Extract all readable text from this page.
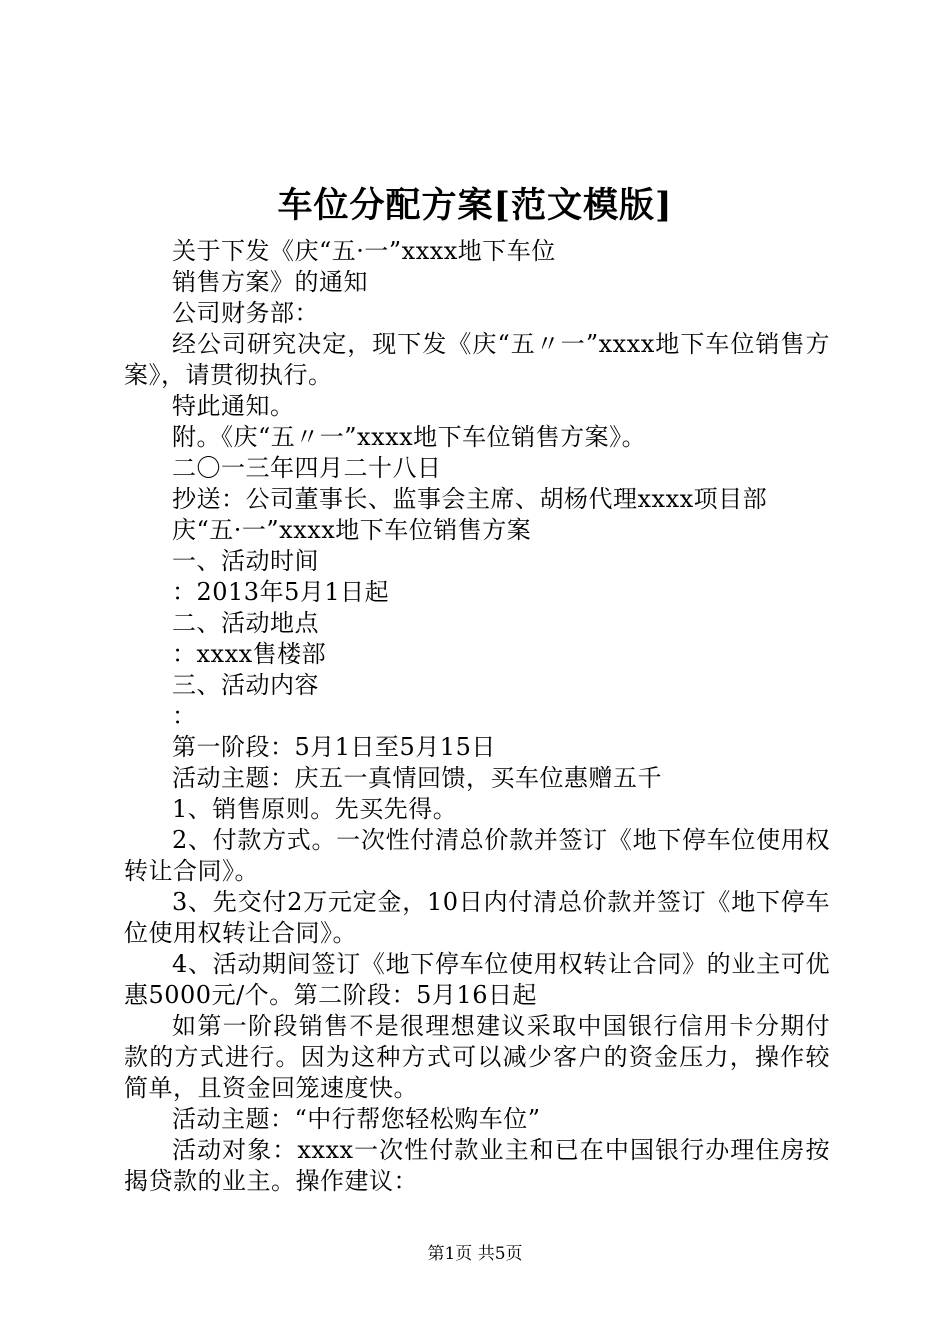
车位分配方案[范文模版]

关于下发《庆“五·一”xxxx地下车位

销售方案》的通知

公司财务部：

经公司研究决定，现下发《庆“五〃一”xxxx地下车位销售方案》，请贯彻执行。

特此通知。

附。《庆“五〃一”xxxx地下车位销售方案》。

二〇一三年四月二十八日

抄送：公司董事长、监事会主席、胡杨代理xxxx项目部

庆“五·一”xxxx地下车位销售方案

一、活动时间

：2013年5月1日起

二、活动地点

：xxxx售楼部

三、活动内容

：

第一阶段：5月1日至5月15日

活动主题：庆五一真情回馈，买车位惠赠五千

1、销售原则。先买先得。

2、付款方式。一次性付清总价款并签订《地下停车位使用权转让合同》。

3、先交付2万元定金，10日内付清总价款并签订《地下停车位使用权转让合同》。

4、活动期间签订《地下停车位使用权转让合同》的业主可优惠5000元/个。第二阶段：5月16日起

如第一阶段销售不是很理想建议采取中国银行信用卡分期付款的方式进行。因为这种方式可以减少客户的资金压力，操作较简单，且资金回笼速度快。

活动主题：“中行帮您轻松购车位”

活动对象：xxxx一次性付款业主和已在中国银行办理住房按揭贷款的业主。操作建议：

第1页 共5页
